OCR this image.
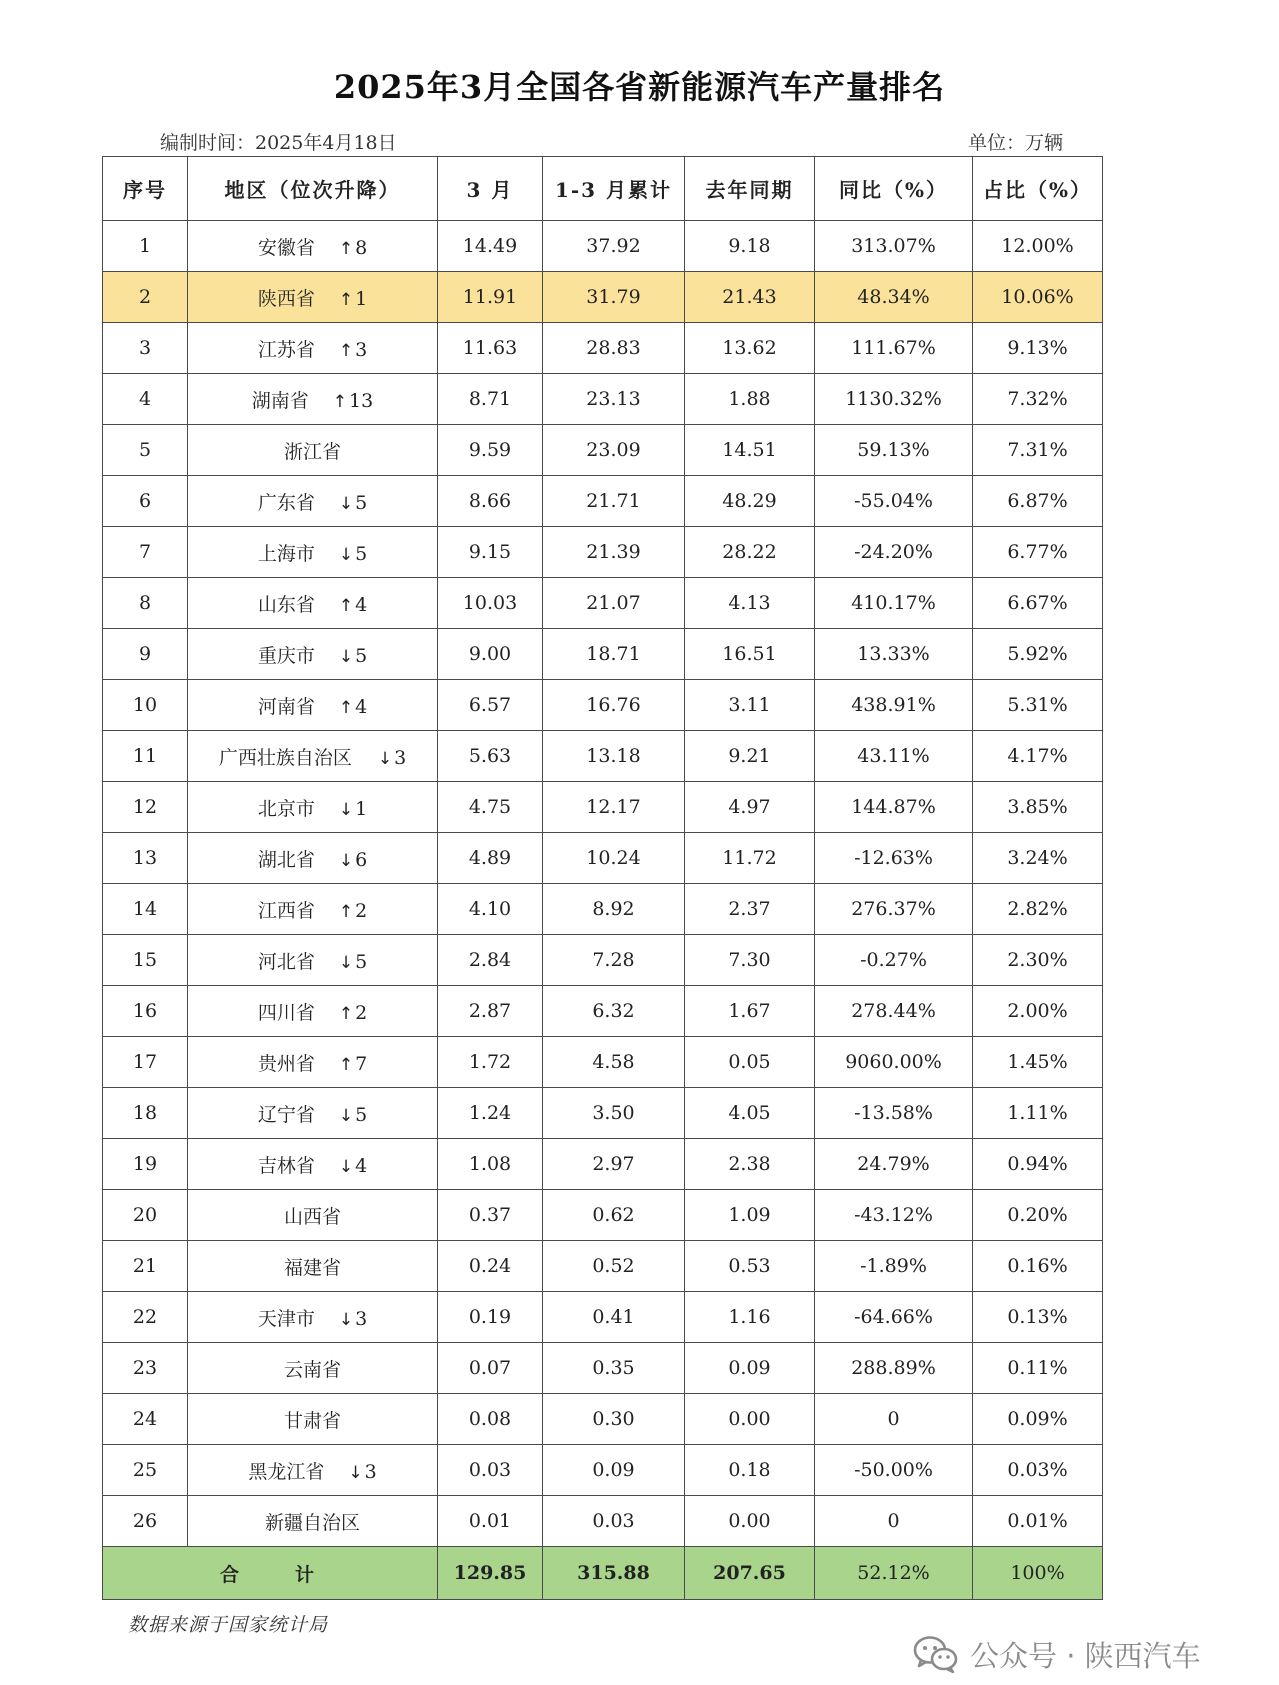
2025年3月全国各省新能源汽车产量排名
编制时间：2025年4月18日	单位：万辆
序号	地区（位次升降）	3 月	1-3 月累计	去年同期	同比（%）	占比（%）
1	安徽省 ↑ 8	14.49	37.92	9.18	313.07%	12.00%
2	陕西省 ↑ 1	11.91	31.79	21.43	48.34%	10.06%
3	江苏省 ↑ 3	11.63	28.83	13.62	111.67%	9.13%
4	湖南省 ↑ 13	8.71	23.13	1.88	1130.32%	7.32%
5	浙江省	9.59	23.09	14.51	59.13%	7.31%
6	广东省 ↓ 5	8.66	21.71	48.29	-55.04%	6.87%
7	上海市 ↓ 5	9.15	21.39	28.22	-24.20%	6.77%
8	山东省 ↑ 4	10.03	21.07	4.13	410.17%	6.67%
9	重庆市 ↓ 5	9.00	18.71	16.51	13.33%	5.92%
10	河南省 ↑ 4	6.57	16.76	3.11	438.91%	5.31%
11	广西壮族自治区 ↓ 3	5.63	13.18	9.21	43.11%	4.17%
12	北京市 ↓ 1	4.75	12.17	4.97	144.87%	3.85%
13	湖北省 ↓ 6	4.89	10.24	11.72	-12.63%	3.24%
14	江西省 ↑ 2	4.10	8.92	2.37	276.37%	2.82%
15	河北省 ↓ 5	2.84	7.28	7.30	-0.27%	2.30%
16	四川省 ↑ 2	2.87	6.32	1.67	278.44%	2.00%
17	贵州省 ↑ 7	1.72	4.58	0.05	9060.00%	1.45%
18	辽宁省 ↓ 5	1.24	3.50	4.05	-13.58%	1.11%
19	吉林省 ↓ 4	1.08	2.97	2.38	24.79%	0.94%
20	山西省	0.37	0.62	1.09	-43.12%	0.20%
21	福建省	0.24	0.52	0.53	-1.89%	0.16%
22	天津市 ↓ 3	0.19	0.41	1.16	-64.66%	0.13%
23	云南省	0.07	0.35	0.09	288.89%	0.11%
24	甘肃省	0.08	0.30	0.00	0	0.09%
25	黑龙江省 ↓ 3	0.03	0.09	0.18	-50.00%	0.03%
26	新疆自治区	0.01	0.03	0.00	0	0.01%
合　　计		129.85	315.88	207.65	52.12%	100%
数据来源于国家统计局
公众号 · 陕西汽车
